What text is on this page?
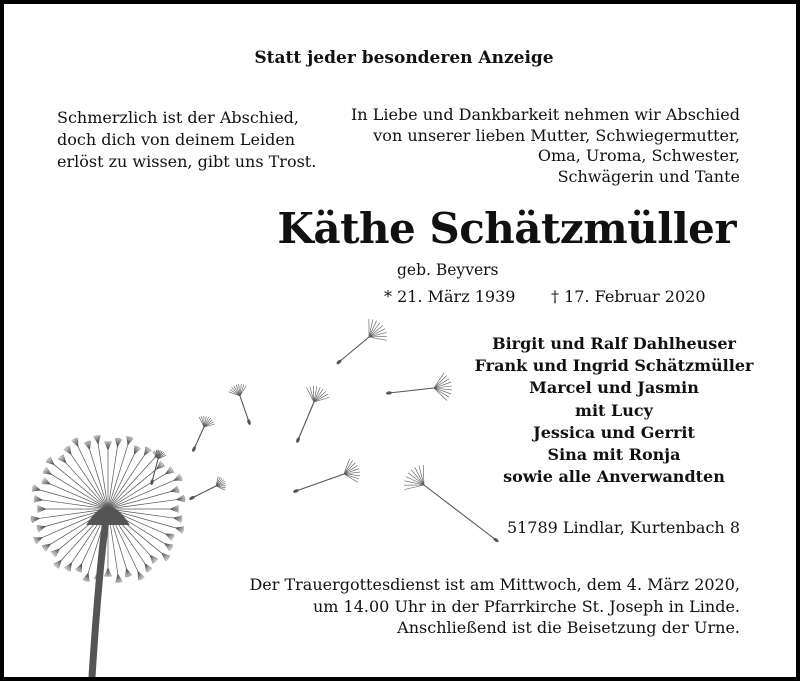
Statt jeder besonderen Anzeige
Schmerzlich ist der Abschied,
doch dich von deinem Leiden
erlöst zu wissen, gibt uns Trost.
In Liebe und Dankbarkeit nehmen wir Abschied
von unserer lieben Mutter, Schwiegermutter,
Oma, Uroma, Schwester,
Schwägerin und Tante
Käthe Schätzmüller
geb. Beyvers
* 21. März 1939 † 17. Februar 2020
Birgit und Ralf Dahlheuser
Frank und Ingrid Schätzmüller
Marcel und Jasmin
mit Lucy
Jessica und Gerrit
Sina mit Ronja
sowie alle Anverwandten
51789 Lindlar, Kurtenbach 8
Der Trauergottesdienst ist am Mittwoch, dem 4. März 2020,
um 14.00 Uhr in der Pfarrkirche St. Joseph in Linde.
Anschließend ist die Beisetzung der Urne.
